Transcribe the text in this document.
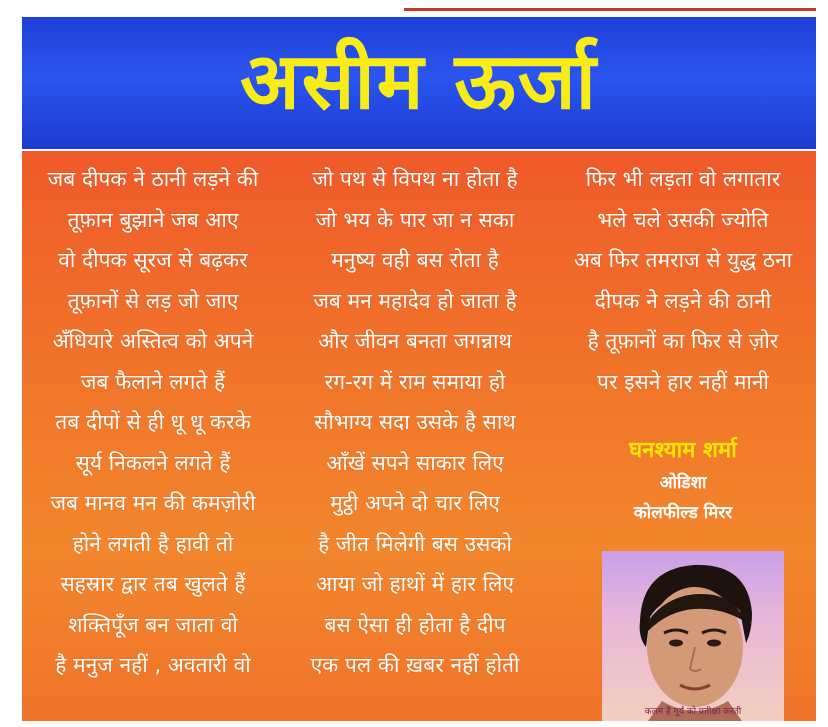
असीम ऊर्जा
जब दीपक ने ठानी लड़ने की
तूफ़ान बुझाने जब आए
वो दीपक सूरज से बढ़कर
तूफ़ानों से लड़ जो जाए
अँधियारे अस्तित्व को अपने
जब फैलाने लगते हैं
तब दीपों से ही धू धू करके
सूर्य निकलने लगते हैं
जब मानव मन की कमज़ोरी
होने लगती है हावी तो
सहस्रार द्वार तब खुलते हैं
शक्तिपूँज बन जाता वो
है मनुज नहीं , अवतारी वो
जो पथ से विपथ ना होता है
जो भय के पार जा न सका
मनुष्य वही बस रोता है
जब मन महादेव हो जाता है
और जीवन बनता जगन्नाथ
रग-रग में राम समाया हो
सौभाग्य सदा उसके है साथ
आँखें सपने साकार लिए
मुट्ठी अपने दो चार लिए
है जीत मिलेगी बस उसको
आया जो हाथों में हार लिए
बस ऐसा ही होता है दीप
एक पल की ख़बर नहीं होती
फिर भी लड़ता वो लगातार
भले चले उसकी ज्योति
अब फिर तमराज से युद्ध ठना
दीपक ने लड़ने की ठानी
है तूफ़ानों का फिर से ज़ोर
पर इसने हार नहीं मानी
घनश्याम शर्मा
ओडिशा
कोलफील्ड मिरर
कलम है गूर्य को प्रतीक्षा करती
